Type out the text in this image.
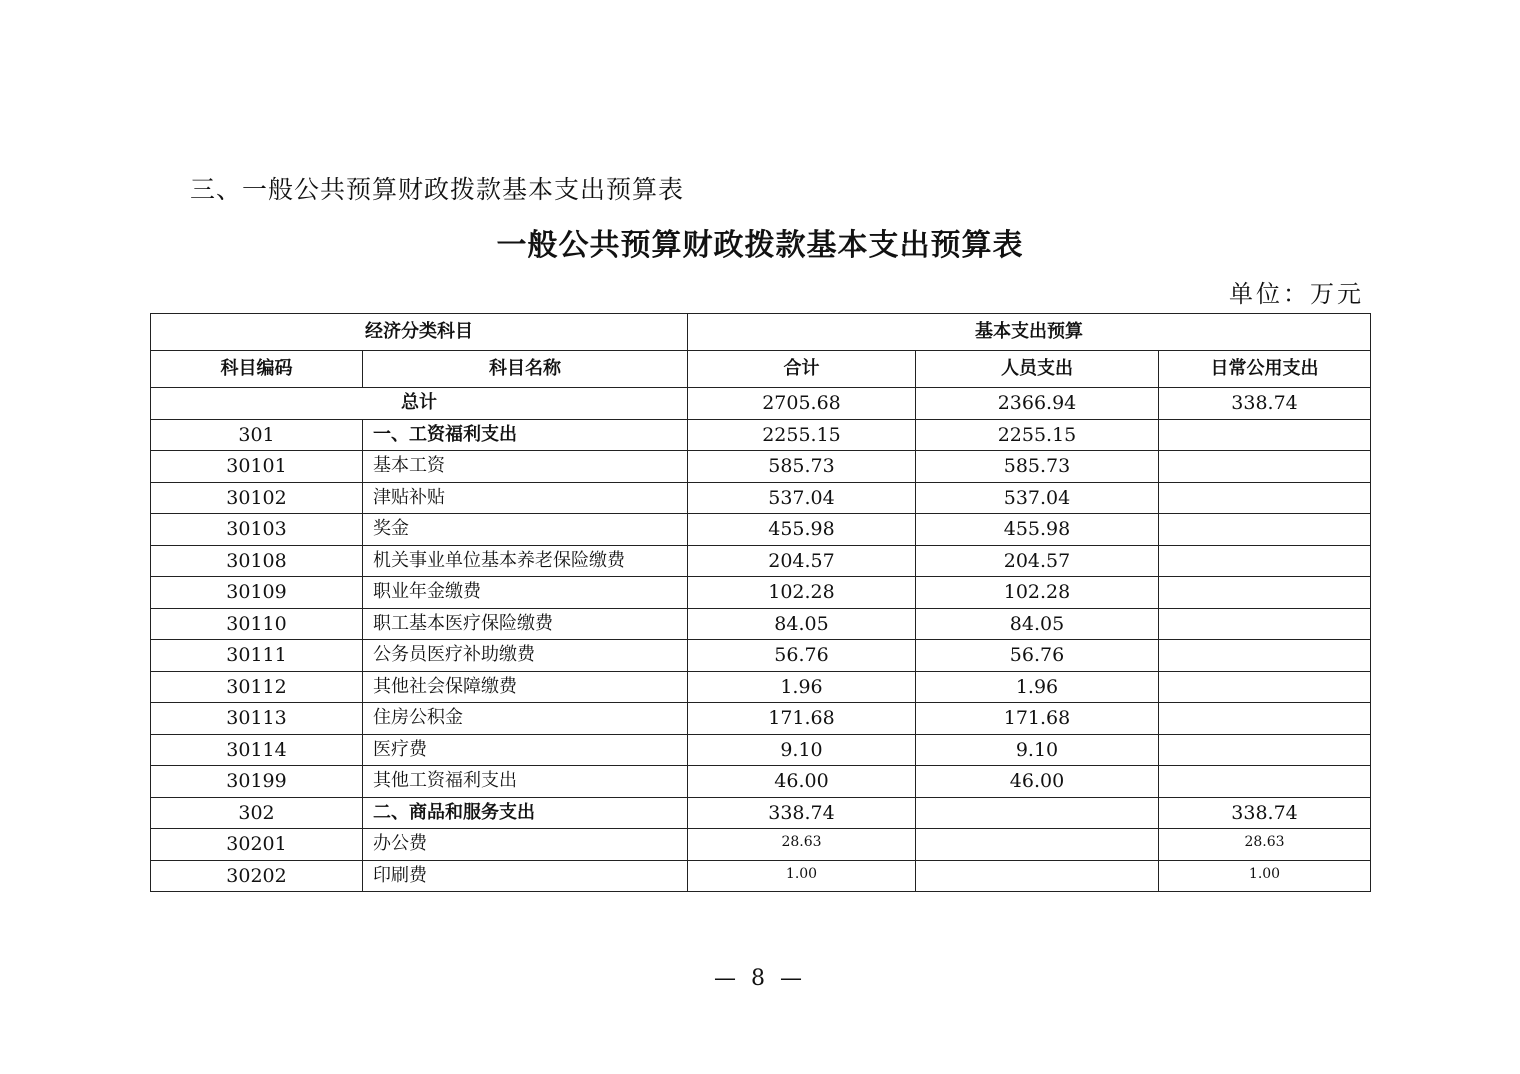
三、一般公共预算财政拨款基本支出预算表
一般公共预算财政拨款基本支出预算表
单位：万元
经济分类科目		基本支出预算		
科目编码	科目名称	合计	人员支出	日常公用支出
总计		2705.68	2366.94	338.74
301	一、工资福利支出	2255.15	2255.15	
30101	基本工资	585.73	585.73	
30102	津贴补贴	537.04	537.04	
30103	奖金	455.98	455.98	
30108	机关事业单位基本养老保险缴费	204.57	204.57	
30109	职业年金缴费	102.28	102.28	
30110	职工基本医疗保险缴费	84.05	84.05	
30111	公务员医疗补助缴费	56.76	56.76	
30112	其他社会保障缴费	1.96	1.96	
30113	住房公积金	171.68	171.68	
30114	医疗费	9.10	9.10	
30199	其他工资福利支出	46.00	46.00	
302	二、商品和服务支出	338.74		338.74
30201	办公费	28.63		28.63
30202	印刷费	1.00		1.00
— 8 —
